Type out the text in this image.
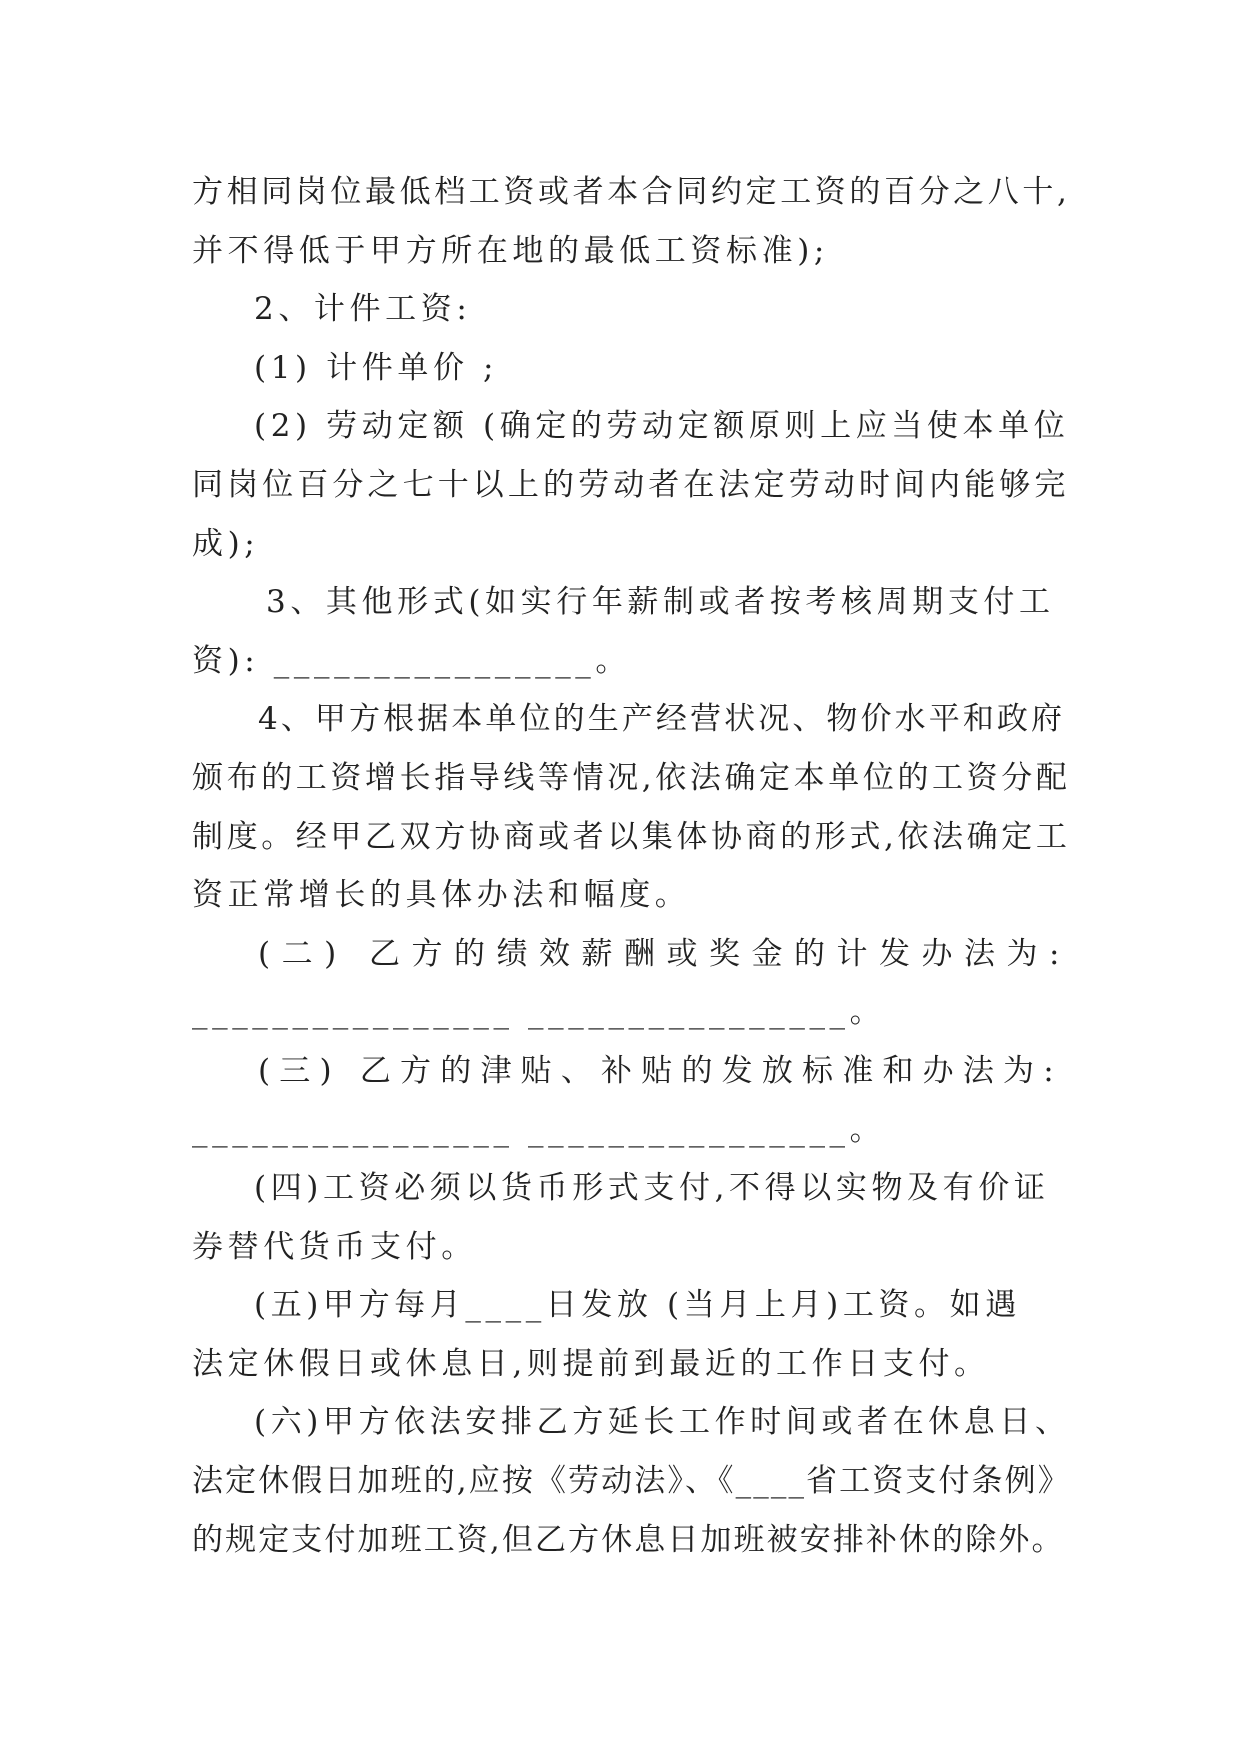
方相同岗位最低档工资或者本合同约定工资的百分之八十,

并不得低于甲方所在地的最低工资标准);

2、计件工资:

(1) 计件单价 ;

(2) 劳动定额 (确定的劳动定额原则上应当使本单位

同岗位百分之七十以上的劳动者在法定劳动时间内能够完

成);

3、其他形式(如实行年薪制或者按考核周期支付工

资): ________________。

4、甲方根据本单位的生产经营状况、物价水平和政府

颁布的工资增长指导线等情况,依法确定本单位的工资分配

制度。经甲乙双方协商或者以集体协商的形式,依法确定工

资正常增长的具体办法和幅度。

(二) 乙方的绩效薪酬或奖金的计发办法为:

________________ ________________。

(三) 乙方的津贴、补贴的发放标准和办法为:

________________ ________________。

(四)工资必须以货币形式支付,不得以实物及有价证

券替代货币支付。

(五)甲方每月____日发放 (当月上月)工资。如遇

法定休假日或休息日,则提前到最近的工作日支付。

(六)甲方依法安排乙方延长工作时间或者在休息日、

法定休假日加班的,应按《劳动法》、《____省工资支付条例》

的规定支付加班工资,但乙方休息日加班被安排补休的除外。
